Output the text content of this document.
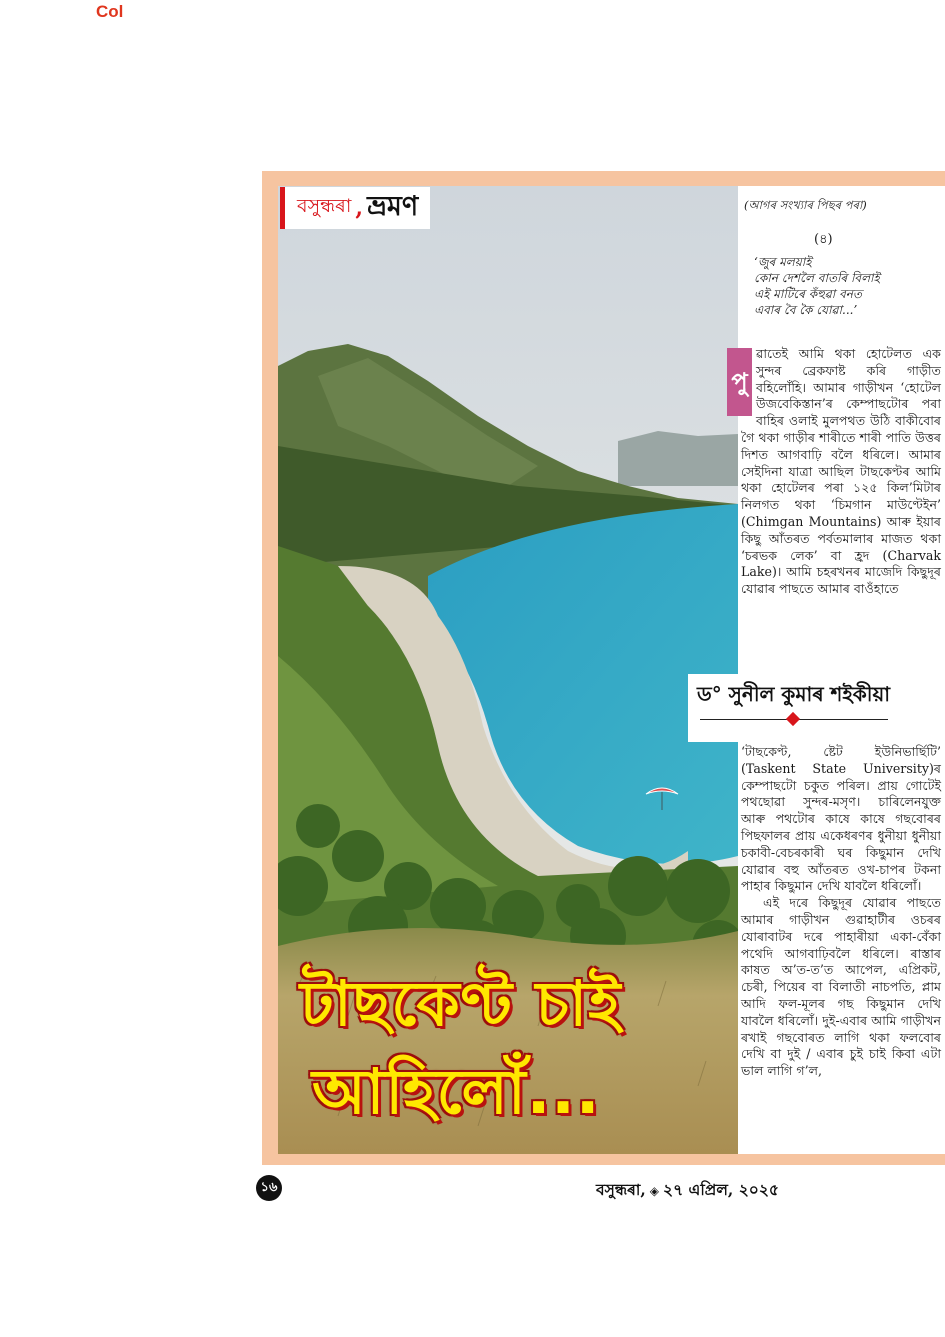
Col
বসুন্ধৰা , ভ্ৰমণ	(আগৰ সংখ্যাৰ পিছৰ পৰা)
(৪)
‘জুৰ মলয়াই
কোন দেশলৈ বাতৰি বিলাই
এই মাটিৰে কঁহুৱা বনত
এবাৰ বৈ কৈ যোৱা...’
পু
ৱাতেই আমি থকা হোটেলত এক সুন্দৰ ব্ৰেকফাষ্ট কৰি গাড়ীত বহিলোঁহি। আমাৰ গাড়ীখন ‘হোটেল উজবেকিস্তান’ৰ কেম্পাছটোৰ পৰা বাহিৰ ওলাই মুলপথত উঠি বাকীবোৰ গৈ থকা গাড়ীৰ শাৰীতে শাৰী পাতি উত্তৰ দিশত আগবাঢ়ি বলৈ ধৰিলে। আমাৰ সেইদিনা যাত্ৰা আছিল টাছকেণ্টৰ আমি থকা হোটেলৰ পৰা ১২৫ কিল’মিটাৰ নিলগত থকা ‘চিমগান মাউণ্টেইন’ (Chimgan Mountains) আৰু ইয়াৰ কিছু আঁতৰত পৰ্বতমালাৰ মাজত থকা ‘চৰভক লেক’ বা হ্ৰদ (Charvak Lake)। আমি চহৰখনৰ মাজেদি কিছুদূৰ যোৱাৰ পাছতে আমাৰ বাওঁহাতে
ড° সুনীল কুমাৰ শইকীয়া
‘টাছকেণ্ট, ষ্টেট ইউনিভাৰ্ছিটি’ (Taskent State University)ৰ কেম্পাছটো চকুত পৰিল। প্ৰায় গোটেই পথছোৱা সুন্দৰ-মসৃণ। চাৰিলেনযুক্ত আৰু পথটোৰ কাষে কাষে গছবোৰৰ পিছফালৰ প্ৰায় একেধৰণৰ ধুনীয়া ধুনীয়া চকাবী-বেচৰকাৰী ঘৰ কিছুমান দেখি যোৱাৰ বহু আঁতৰত ওখ-চাপৰ টকনা পাহাৰ কিছুমান দেখি যাবলৈ ধৰিলোঁ।
এই দৰে কিছুদূৰ যোৱাৰ পাছতে আমাৰ গাড়ীখন গুৱাহাটীৰ ওচৰৰ যোৰাবাটৰ দৰে পাহাৰীয়া একা-বেঁকা পথেদি আগবাঢ়িবলৈ ধৰিলে। ৰাস্তাৰ কাষত অ’ত-ত’ত আপেল, এপ্ৰিকট, চেৰী, পিয়েৰ বা বিলাতী নাচপতি, প্লাম আদি ফল-মূলৰ গছ কিছুমান দেখি যাবলৈ ধৰিলোঁ। দুই-এবাৰ আমি গাড়ীখন ৰখাই গছবোৰত লাগি থকা ফলবোৰ দেখি বা দুই / এবাৰ চুই চাই কিবা এটা ভাল লাগি গ’ল,
টাছকেণ্ট চাই
আহিলোঁ...
১৬	বসুন্ধৰা, ◈ ২৭ এপ্ৰিল, ২০২৫
